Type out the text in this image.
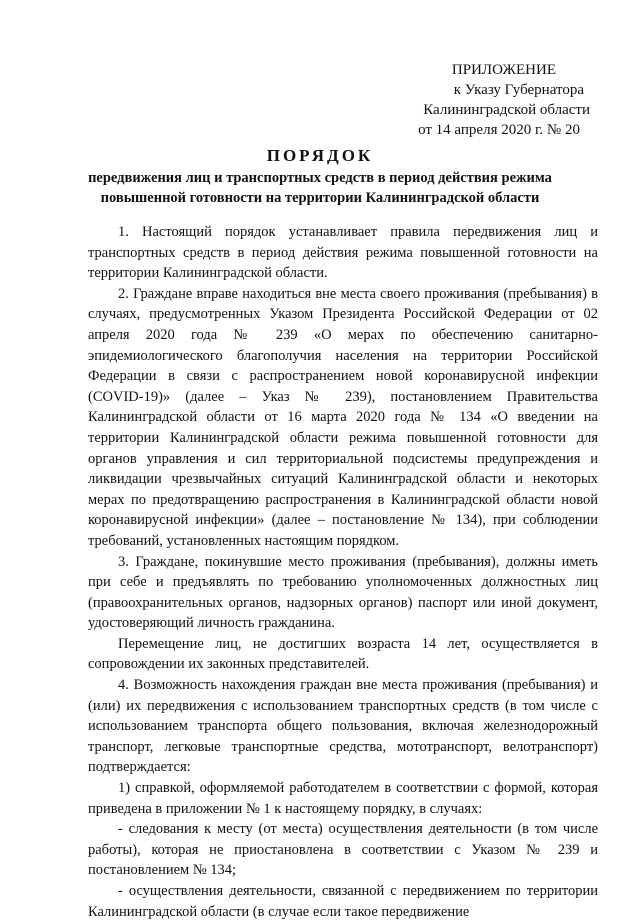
ПРИЛОЖЕНИЕ
к Указу Губернатора
Калининградской области
от 14 апреля 2020 г. № 20
ПОРЯДОК
передвижения лиц и транспортных средств в период действия режима повышенной готовности на территории Калининградской области

1. Настоящий порядок устанавливает правила передвижения лиц и транспортных средств в период действия режима повышенной готовности на территории Калининградской области.

2. Граждане вправе находиться вне места своего проживания (пребывания) в случаях, предусмотренных Указом Президента Российской Федерации от 02 апреля 2020 года № 239 «О мерах по обеспечению санитарно-эпидемиологического благополучия населения на территории Российской Федерации в связи с распространением новой коронавирусной инфекции (COVID-19)» (далее – Указ № 239), постановлением Правительства Калининградской области от 16 марта 2020 года № 134 «О введении на территории Калининградской области режима повышенной готовности для органов управления и сил территориальной подсистемы предупреждения и ликвидации чрезвычайных ситуаций Калининградской области и некоторых мерах по предотвращению распространения в Калининградской области новой коронавирусной инфекции» (далее – постановление № 134), при соблюдении требований, установленных настоящим порядком.

3. Граждане, покинувшие место проживания (пребывания), должны иметь при себе и предъявлять по требованию уполномоченных должностных лиц (правоохранительных органов, надзорных органов) паспорт или иной документ, удостоверяющий личность гражданина.

Перемещение лиц, не достигших возраста 14 лет, осуществляется в сопровождении их законных представителей.

4. Возможность нахождения граждан вне места проживания (пребывания) и (или) их передвижения с использованием транспортных средств (в том числе с использованием транспорта общего пользования, включая железнодорожный транспорт, легковые транспортные средства, мототранспорт, велотранспорт) подтверждается:

1) справкой, оформляемой работодателем в соответствии с формой, которая приведена в приложении № 1 к настоящему порядку, в случаях:

- следования к месту (от места) осуществления деятельности (в том числе работы), которая не приостановлена в соответствии с Указом № 239 и постановлением № 134;

- осуществления деятельности, связанной с передвижением по территории Калининградской области (в случае если такое передвижение
